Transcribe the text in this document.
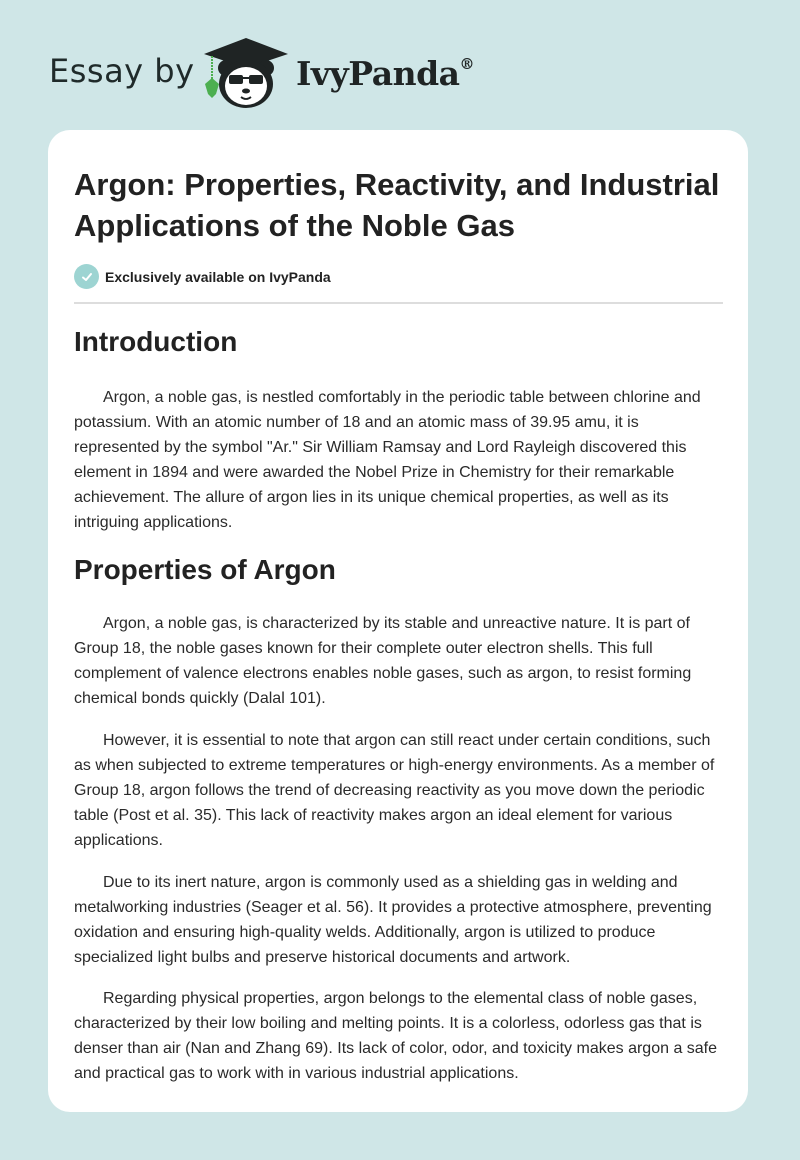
Essay by	IvyPanda®
Argon: Properties, Reactivity, and Industrial Applications of the Noble Gas
Exclusively available on IvyPanda
Introduction

Argon, a noble gas, is nestled comfortably in the periodic table between chlorine and potassium. With an atomic number of 18 and an atomic mass of 39.95 amu, it is represented by the symbol "Ar." Sir William Ramsay and Lord Rayleigh discovered this element in 1894 and were awarded the Nobel Prize in Chemistry for their remarkable achievement. The allure of argon lies in its unique chemical properties, as well as its intriguing applications.

Properties of Argon

Argon, a noble gas, is characterized by its stable and unreactive nature. It is part of Group 18, the noble gases known for their complete outer electron shells. This full complement of valence electrons enables noble gases, such as argon, to resist forming chemical bonds quickly (Dalal 101).

However, it is essential to note that argon can still react under certain conditions, such as when subjected to extreme temperatures or high-energy environments. As a member of Group 18, argon follows the trend of decreasing reactivity as you move down the periodic table (Post et al. 35). This lack of reactivity makes argon an ideal element for various applications.

Due to its inert nature, argon is commonly used as a shielding gas in welding and metalworking industries (Seager et al. 56). It provides a protective atmosphere, preventing oxidation and ensuring high-quality welds. Additionally, argon is utilized to produce specialized light bulbs and preserve historical documents and artwork.

Regarding physical properties, argon belongs to the elemental class of noble gases, characterized by their low boiling and melting points. It is a colorless, odorless gas that is denser than air (Nan and Zhang 69). Its lack of color, odor, and toxicity makes argon a safe and practical gas to work with in various industrial applications.
